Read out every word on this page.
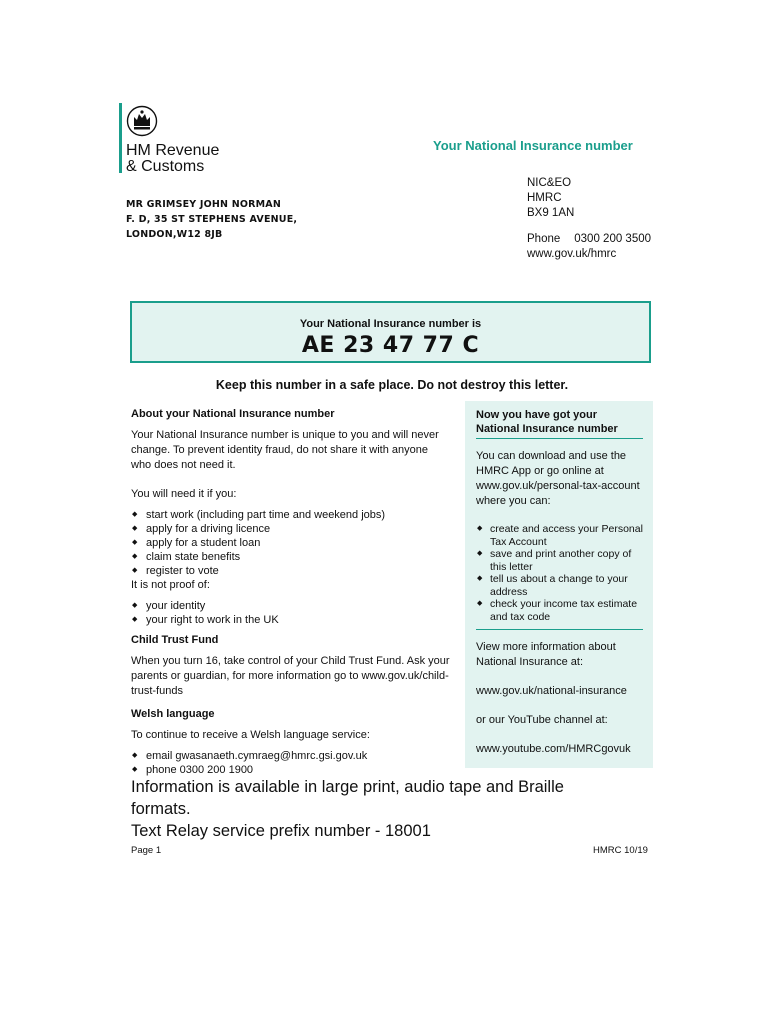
HM Revenue
& Customs
Your National Insurance number
MR GRIMSEY JOHN NORMAN
F. D, 35 ST STEPHENS AVENUE,
LONDON,W12 8JB
NIC&EO
HMRC
BX9 1AN
Phone 0300 200 3500
www.gov.uk/hmrc
Your National Insurance number is
AE 23 47 77 C
Keep this number in a safe place. Do not destroy this letter.
About your National Insurance number

Your National Insurance number is unique to you and will never change. To prevent identity fraud, do not share it with anyone who does not need it.

You will need it if you:

◆ start work (including part time and weekend jobs)
◆ apply for a driving licence
◆ apply for a student loan
◆ claim state benefits
◆ register to vote

It is not proof of:

◆ your identity
◆ your right to work in the UK
Child Trust Fund

When you turn 16, take control of your Child Trust Fund. Ask your parents or guardian, for more information go to www.gov.uk/child-trust-funds

Welsh language

To continue to receive a Welsh language service:

◆ email gwasanaeth.cymraeg@hmrc.gsi.gov.uk
◆ phone 0300 200 1900
Now you have got your National Insurance number

You can download and use the HMRC App or go online at www.gov.uk/personal-tax-account where you can:

◆ create and access your Personal Tax Account
◆ save and print another copy of this letter
◆ tell us about a change to your address
◆ check your income tax estimate and tax code

View more information about National Insurance at:

www.gov.uk/national-insurance

or our YouTube channel at:

www.youtube.com/HMRCgovuk

Information is available in large print, audio tape and Braille
formats.
Text Relay service prefix number - 18001
Page 1	HMRC 10/19
